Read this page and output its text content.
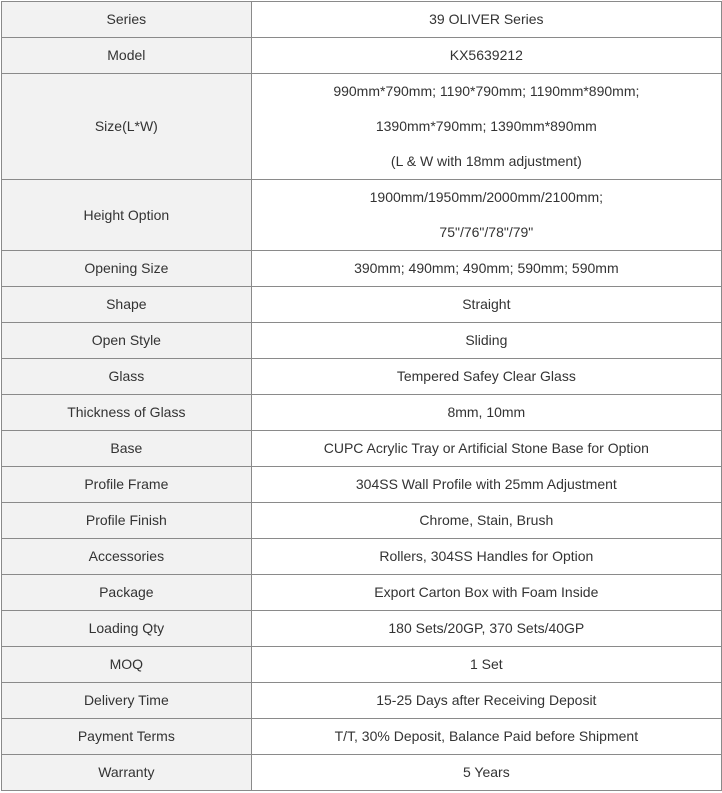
Series	39 OLIVER Series
Model	KX5639212
Size(L*W)	990mm*790mm; 1190*790mm; 1190mm*890mm;
1390mm*790mm; 1390mm*890mm
(L & W with 18mm adjustment)

Height Option	1900mm/1950mm/2000mm/2100mm;
75"/76"/78"/79"

Opening Size	390mm; 490mm; 490mm; 590mm; 590mm
Shape	Straight
Open Style	Sliding
Glass	Tempered Safey Clear Glass
Thickness of Glass	8mm, 10mm
Base	CUPC Acrylic Tray or Artificial Stone Base for Option
Profile Frame	304SS Wall Profile with 25mm Adjustment
Profile Finish	Chrome, Stain, Brush
Accessories	Rollers, 304SS Handles for Option
Package	Export Carton Box with Foam Inside
Loading Qty	180 Sets/20GP, 370 Sets/40GP
MOQ	1 Set
Delivery Time	15-25 Days after Receiving Deposit
Payment Terms	T/T, 30% Deposit, Balance Paid before Shipment
Warranty	5 Years
